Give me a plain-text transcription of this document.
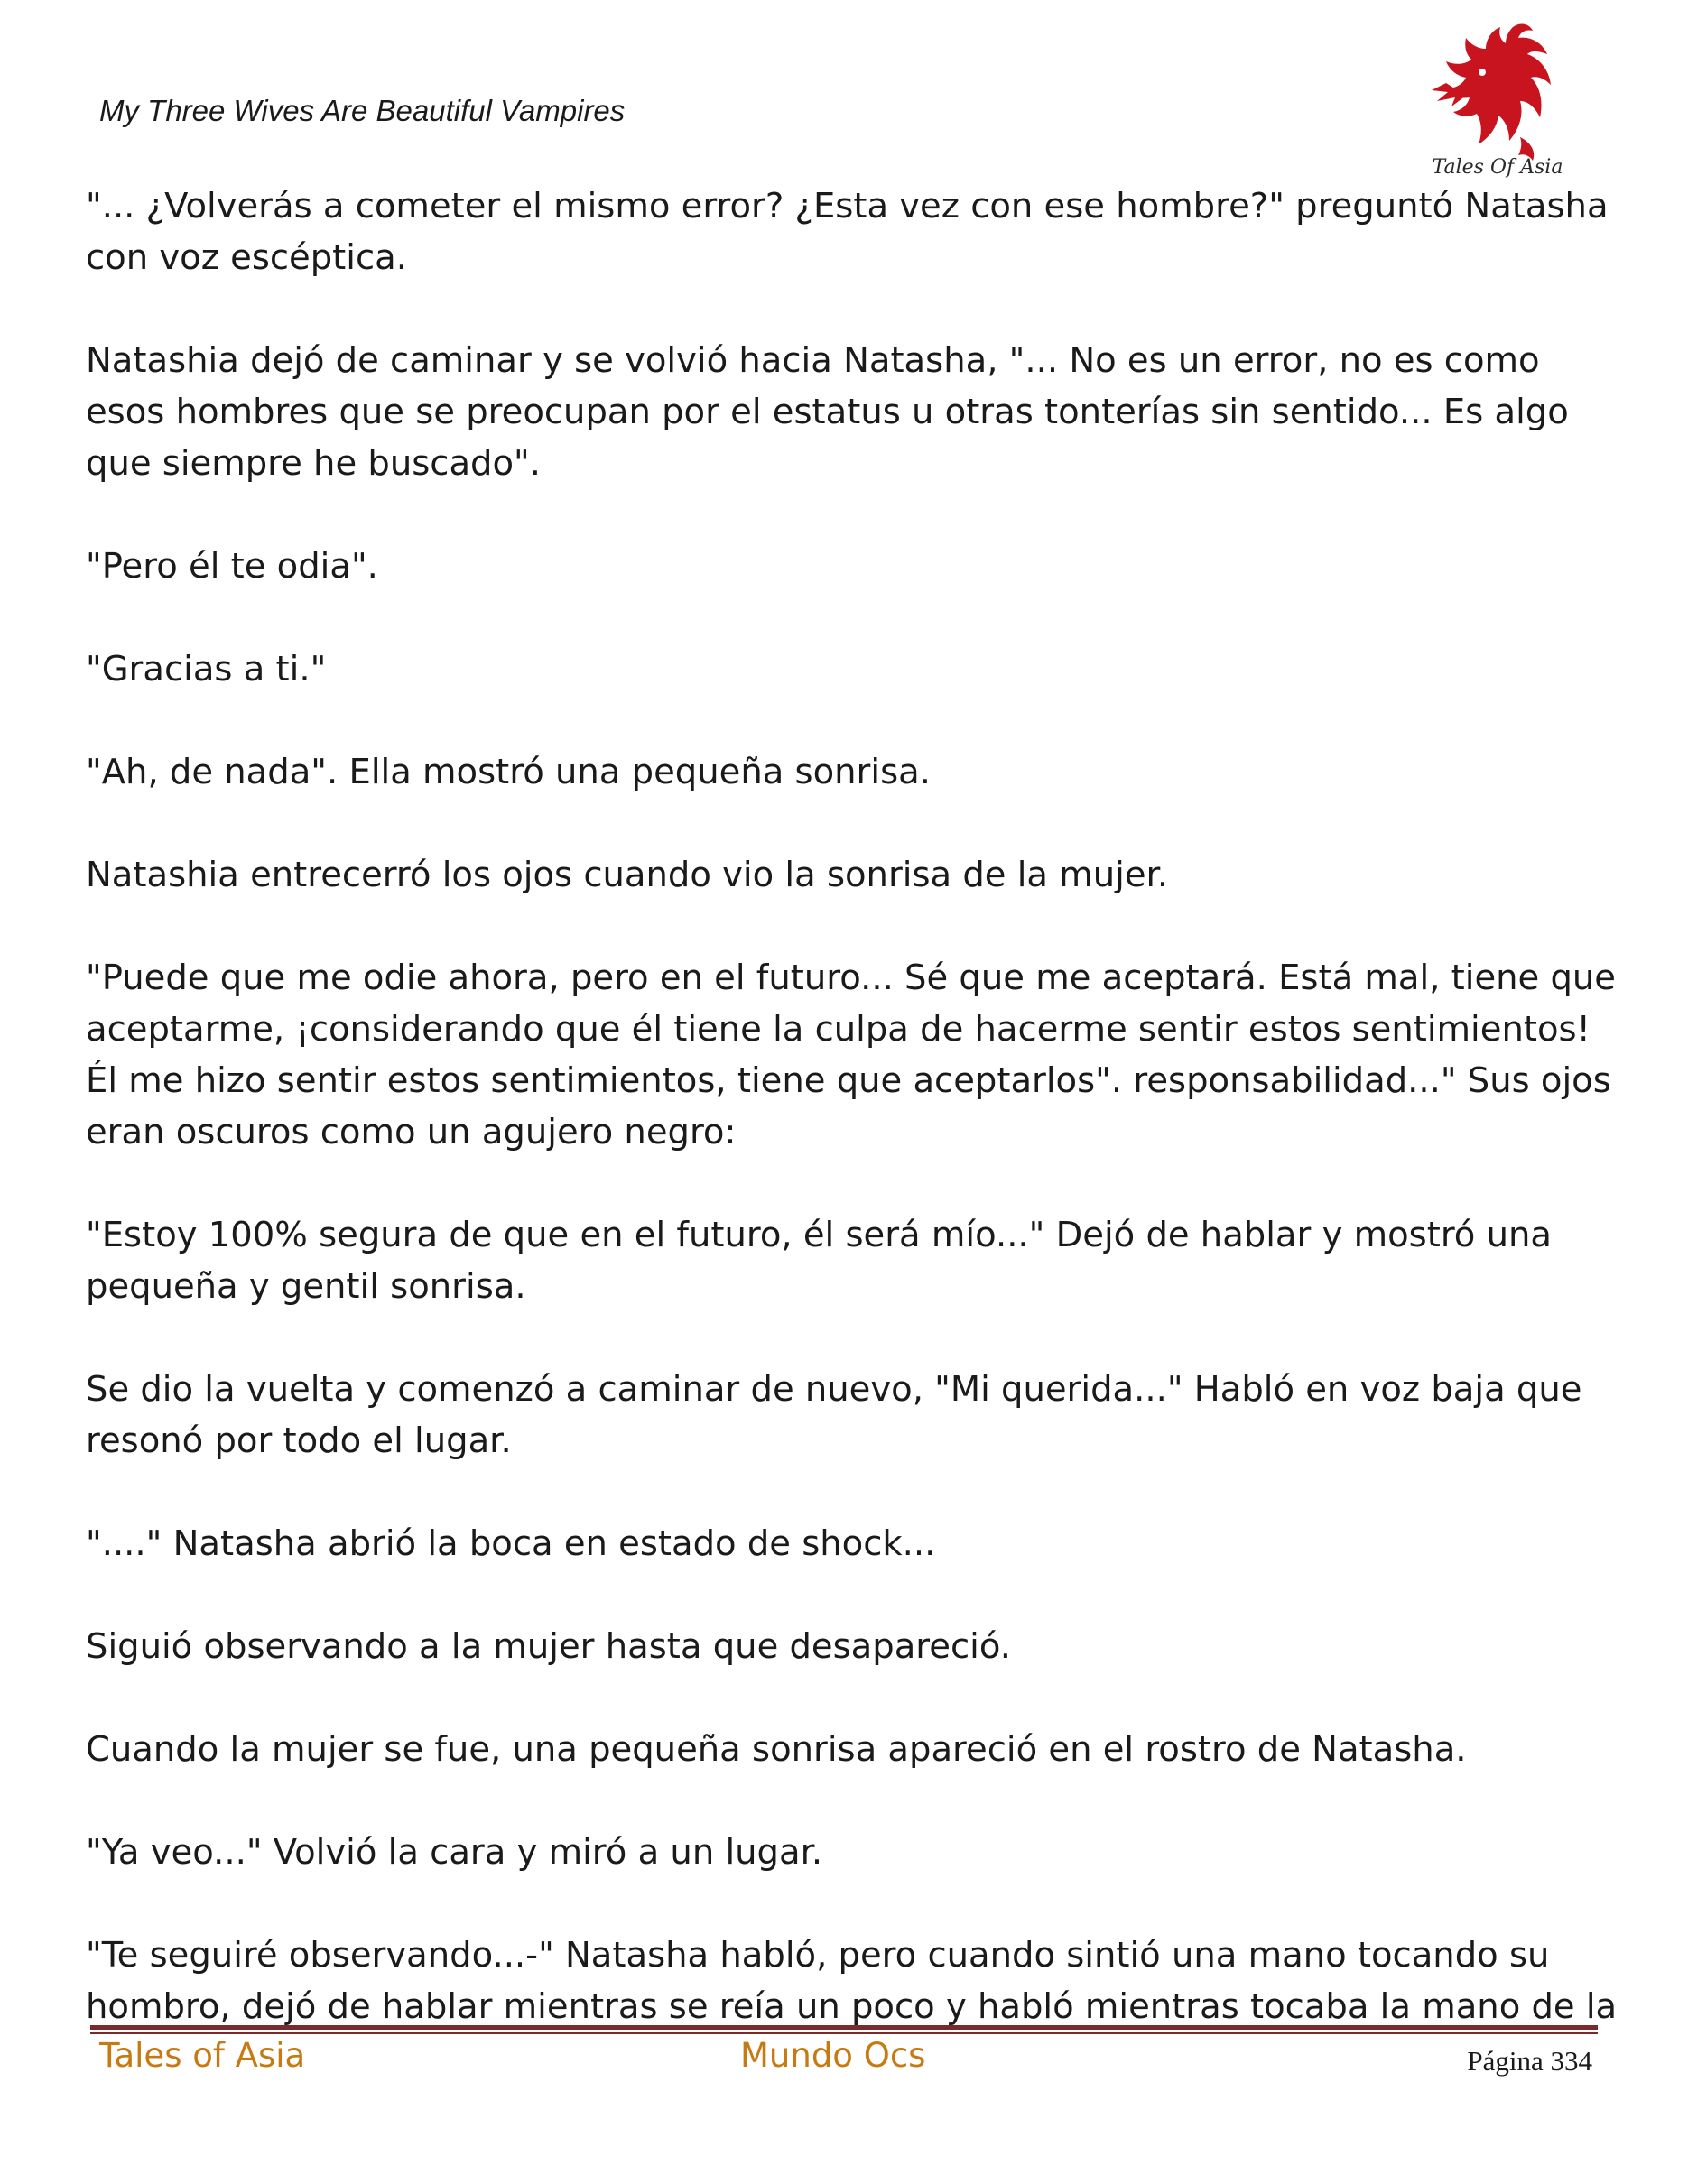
My Three Wives Are Beautiful Vampires
Tales Of Asia

"... ¿Volverás a cometer el mismo error? ¿Esta vez con ese hombre?" preguntó Natasha con voz escéptica.

Natashia dejó de caminar y se volvió hacia Natasha, "... No es un error, no es como esos hombres que se preocupan por el estatus u otras tonterías sin sentido... Es algo que siempre he buscado".

"Pero él te odia".

"Gracias a ti."

"Ah, de nada". Ella mostró una pequeña sonrisa.

Natashia entrecerró los ojos cuando vio la sonrisa de la mujer.

"Puede que me odie ahora, pero en el futuro... Sé que me aceptará. Está mal, tiene que aceptarme, ¡considerando que él tiene la culpa de hacerme sentir estos sentimientos! Él me hizo sentir estos sentimientos, tiene que aceptarlos". responsabilidad..." Sus ojos eran oscuros como un agujero negro:

"Estoy 100% segura de que en el futuro, él será mío..." Dejó de hablar y mostró una pequeña y gentil sonrisa.

Se dio la vuelta y comenzó a caminar de nuevo, "Mi querida..." Habló en voz baja que resonó por todo el lugar.

"...." Natasha abrió la boca en estado de shock...

Siguió observando a la mujer hasta que desapareció.

Cuando la mujer se fue, una pequeña sonrisa apareció en el rostro de Natasha.

"Ya veo..." Volvió la cara y miró a un lugar.

"Te seguiré observando...-" Natasha habló, pero cuando sintió una mano tocando su hombro, dejó de hablar mientras se reía un poco y habló mientras tocaba la mano de la

Tales of Asia	Mundo Ocs	Página 334
